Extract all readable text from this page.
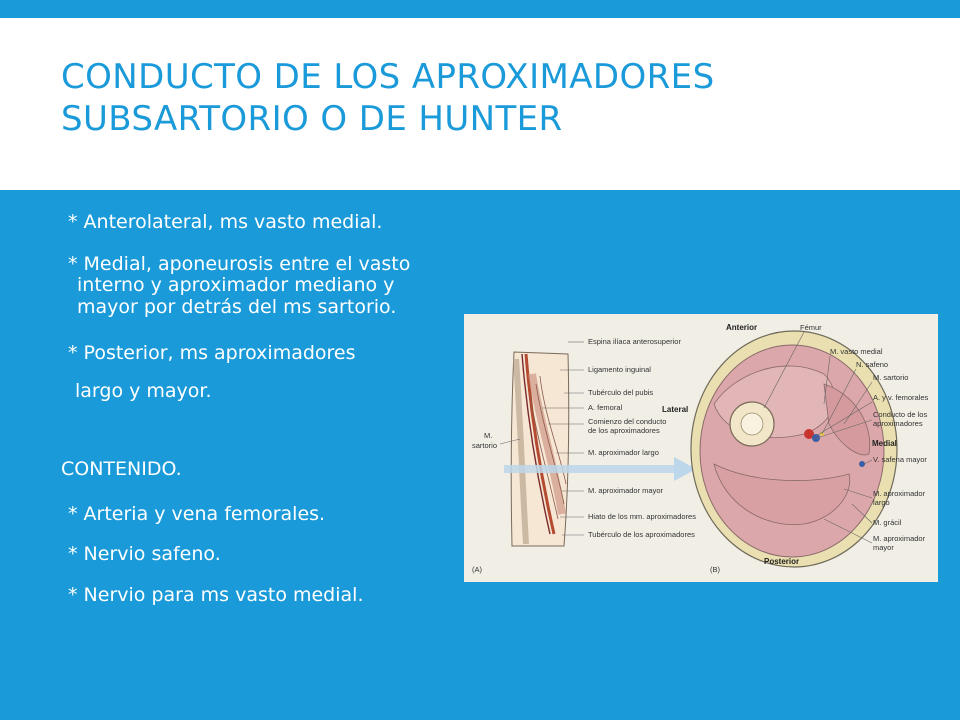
CONDUCTO DE LOS APROXIMADORES
SUBSARTORIO O DE HUNTER
* Anterolateral, ms vasto medial.
* Medial, aponeurosis entre el vasto
interno y aproximador mediano y
mayor por detrás del ms sartorio.
* Posterior, ms aproximadores
largo y mayor.
CONTENIDO.
* Arteria y vena femorales.
* Nervio safeno.
* Nervio para ms vasto medial.
Espina ilíaca anterosuperior
Ligamento inguinal
Tubérculo del pubis
A. femoral
Comienzo del conducto
de los aproximadores
M. aproximador largo
M. aproximador mayor
Hiato de los mm. aproximadores
Tubérculo de los aproximadores
M.
sartorio
(A)
Anterior
Posterior
Lateral
Medial
Fémur
M. vasto medial
N. safeno
M. sartorio
A. y v. femorales
Conducto de los
aproximadores
V. safena mayor
M. aproximador
largo
M. grácil
M. aproximador
mayor
(B)
